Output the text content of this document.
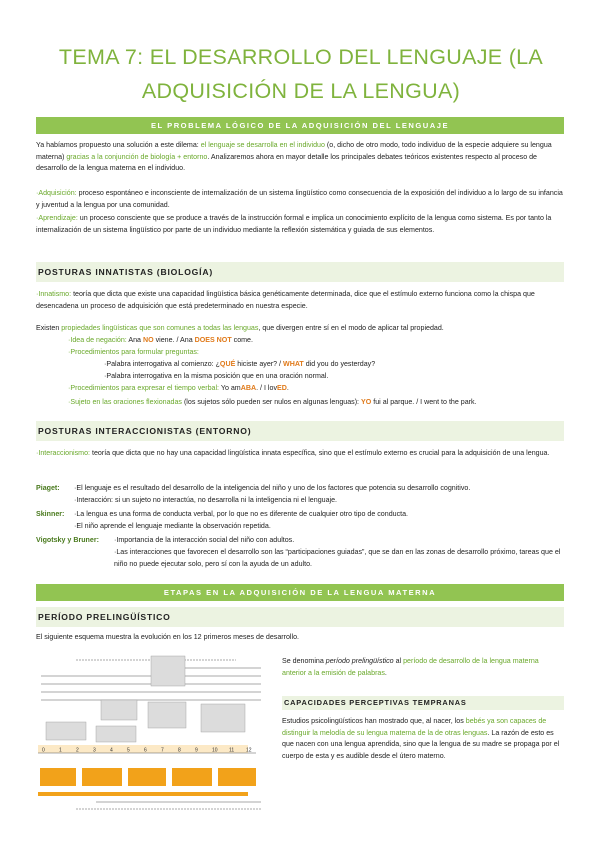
TEMA 7: EL DESARROLLO DEL LENGUAJE (LA
ADQUISICIÓN DE LA LENGUA)
EL PROBLEMA LÓGICO DE LA ADQUISICIÓN DEL LENGUAJE
Ya habíamos propuesto una solución a este dilema: el lenguaje se desarrolla en el individuo (o, dicho de otro modo, todo individuo de la especie adquiere su lengua materna) gracias a la conjunción de biología + entorno. Analizaremos ahora en mayor detalle los principales debates teóricos existentes respecto al proceso de desarrollo de la lengua materna en el individuo.
·Adquisición: proceso espontáneo e inconsciente de internalización de un sistema lingüístico como consecuencia de la exposición del individuo a lo largo de su infancia y juventud a la lengua por una comunidad.
·Aprendizaje: un proceso consciente que se produce a través de la instrucción formal e implica un conocimiento explícito de la lengua como sistema. Es por tanto la internalización de un sistema lingüístico por parte de un individuo mediante la reflexión sistemática y guiada de sus elementos.
POSTURAS INNATISTAS (BIOLOGÍA)
·Innatismo: teoría que dicta que existe una capacidad lingüística básica genéticamente determinada, dice que el estímulo externo funciona como la chispa que desencadena un proceso de adquisición que está predeterminado en nuestra especie.
Existen propiedades lingüísticas que son comunes a todas las lenguas, que divergen entre sí en el modo de aplicar tal propiedad.
·Idea de negación: Ana NO viene. / Ana DOES NOT come.
·Procedimientos para formular preguntas:
·Palabra interrogativa al comienzo: ¿QUÉ hiciste ayer? / WHAT did you do yesterday?
·Palabra interrogativa en la misma posición que en una oración normal.
·Procedimientos para expresar el tiempo verbal: Yo amABA. / I lovED.
·Sujeto en las oraciones flexionadas (los sujetos sólo pueden ser nulos en algunas lenguas): YO fui al parque. / I went to the park.
POSTURAS INTERACCIONISTAS (ENTORNO)
·Interaccionismo: teoría que dicta que no hay una capacidad lingüística innata específica, sino que el estímulo externo es crucial para la adquisición de una lengua.
Piaget: ·El lenguaje es el resultado del desarrollo de la inteligencia del niño y uno de los factores que potencia su desarrollo cognitivo.
·Interacción: si un sujeto no interactúa, no desarrolla ni la inteligencia ni el lenguaje.
Skinner: ·La lengua es una forma de conducta verbal, por lo que no es diferente de cualquier otro tipo de conducta.
·El niño aprende el lenguaje mediante la observación repetida.
Vigotsky y Bruner: ·Importancia de la interacción social del niño con adultos.
·Las interacciones que favorecen el desarrollo son las “participaciones guiadas”, que se dan en las zonas de desarrollo próximo, tareas que el niño no puede ejecutar solo, pero sí con la ayuda de un adulto.
ETAPAS EN LA ADQUISICIÓN DE LA LENGUA MATERNA
PERÍODO PRELINGÜÍSTICO
El siguiente esquema muestra la evolución en los 12 primeros meses de desarrollo.
0	1	2	3	4	5	6	7	8	9	10 11 12
Se denomina período prelingüístico al período de desarrollo de la lengua materna anterior a la emisión de palabras.
CAPACIDADES PERCEPTIVAS TEMPRANAS
Estudios psicolingüísticos han mostrado que, al nacer, los bebés ya son capaces de distinguir la melodía de su lengua materna de la de otras lenguas. La razón de esto es que nacen con una lengua aprendida, sino que la lengua de su madre se propaga por el cuerpo de esta y es audible desde el útero materno.
